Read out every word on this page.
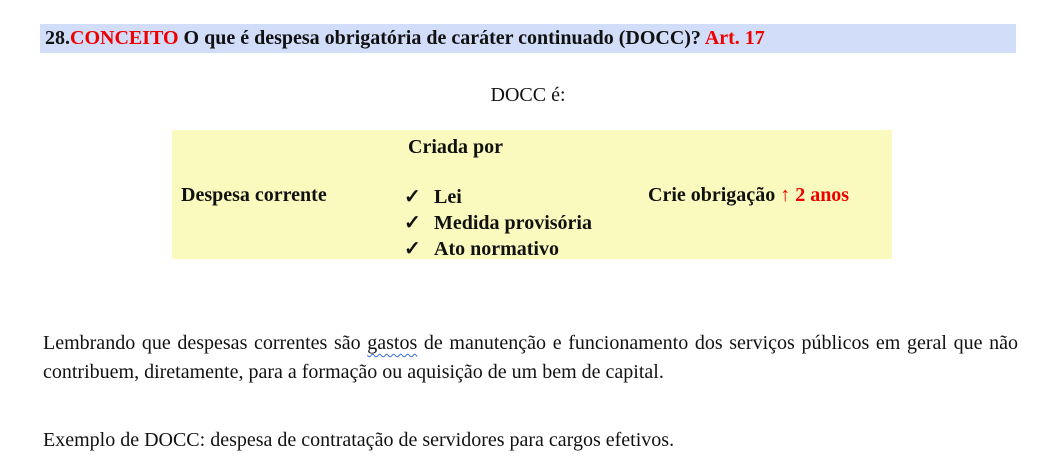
28.CONCEITO O que é despesa obrigatória de caráter continuado (DOCC)? Art. 17
DOCC é:
Despesa corrente
Criada por
✓ Lei
✓ Medida provisória
✓ Ato normativo
Crie obrigação ↑ 2 anos

Lembrando que despesas correntes são gastos de manutenção e funcionamento dos serviços públicos em geral que não contribuem, diretamente, para a formação ou aquisição de um bem de capital.

Exemplo de DOCC: despesa de contratação de servidores para cargos efetivos.
